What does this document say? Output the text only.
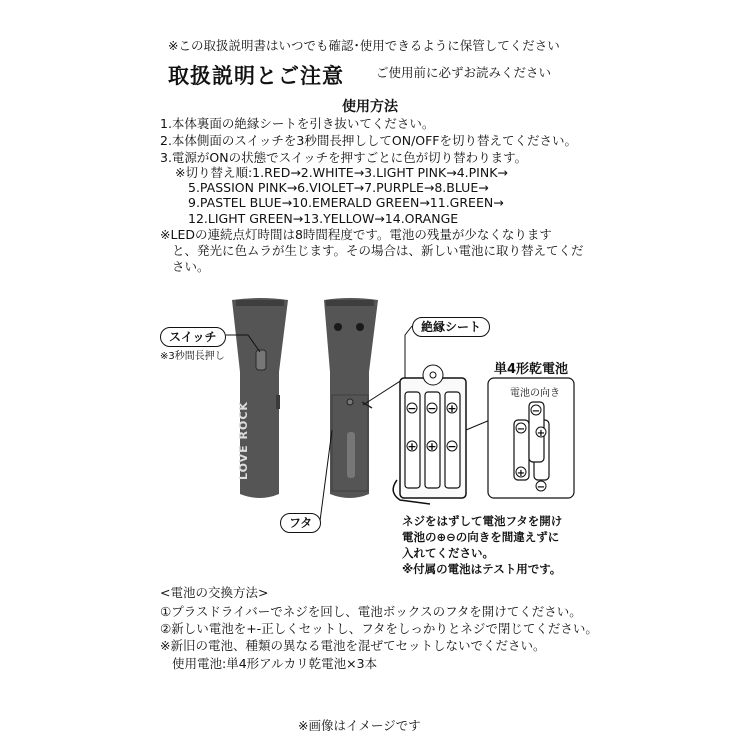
※この取扱説明書はいつでも確認･使用できるように保管してください
取扱説明とご注意	ご使用前に必ずお読みください
使用方法
1.本体裏面の絶縁シートを引き抜いてください。
2.本体側面のスイッチを3秒間長押ししてON/OFFを切り替えてください。
3.電源がONの状態でスイッチを押すごとに色が切り替わります。
※切り替え順:1.RED→2.WHITE→3.LIGHT PINK→4.PINK→
5.PASSION PINK→6.VIOLET→7.PURPLE→8.BLUE→
9.PASTEL BLUE→10.EMERALD GREEN→11.GREEN→
12.LIGHT GREEN→13.YELLOW→14.ORANGE
※LEDの連続点灯時間は8時間程度です。電池の残量が少なくなります
と、発光に色ムラが生じます。その場合は、新しい電池に取り替えてくだ
さい。
LOVE ROCK	− − +
+ + −
−
− +
+
−
スイッチ
※3秒間長押し
絶縁シート
フタ
単4形乾電池
電池の向き
ネジをはずして電池フタを開け
電池の⊕⊖の向きを間違えずに
入れてください。
※付属の電池はテスト用です。
<電池の交換方法>
①プラスドライバーでネジを回し、電池ボックスのフタを開けてください。
②新しい電池を+-正しくセットし、フタをしっかりとネジで閉じてください。
※新旧の電池、種類の異なる電池を混ぜてセットしないでください。
使用電池:単4形アルカリ乾電池×3本
※画像はイメージです
